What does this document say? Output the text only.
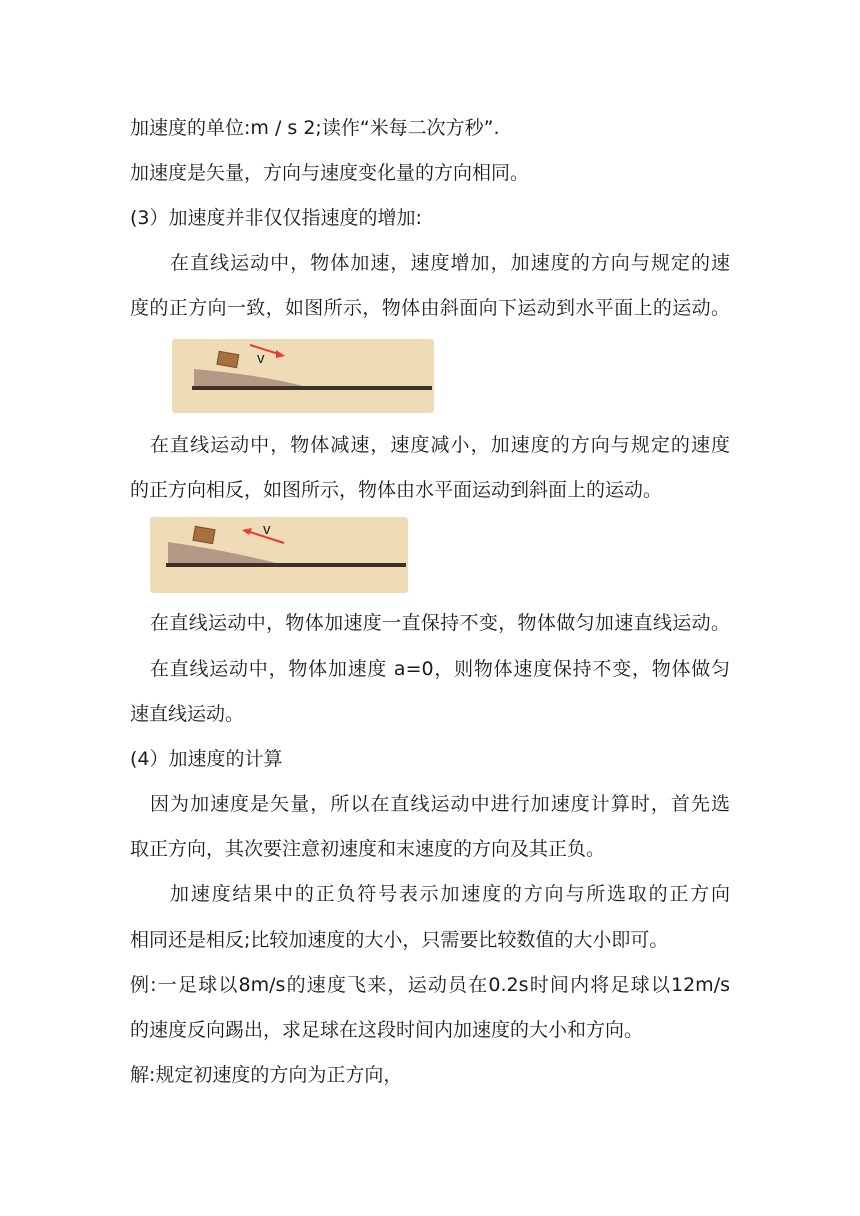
加速度的单位:m / s 2;读作“米每二次方秒”.
加速度是矢量，方向与速度变化量的方向相同。
(3）加速度并非仅仅指速度的增加:
在直线运动中，物体加速，速度增加，加速度的方向与规定的速
度的正方向一致，如图所示，物体由斜面向下运动到水平面上的运动。
v
在直线运动中，物体减速，速度减小，加速度的方向与规定的速度
的正方向相反，如图所示，物体由水平面运动到斜面上的运动。
v
在直线运动中，物体加速度一直保持不变，物体做匀加速直线运动。
在直线运动中，物体加速度 a=0，则物体速度保持不变，物体做匀
速直线运动。
(4）加速度的计算
因为加速度是矢量，所以在直线运动中进行加速度计算时，首先选
取正方向，其次要注意初速度和末速度的方向及其正负。
加速度结果中的正负符号表示加速度的方向与所选取的正方向
相同还是相反;比较加速度的大小，只需要比较数值的大小即可。
例:一足球以8m/s的速度飞来，运动员在0.2s时间内将足球以12m/s
的速度反向踢出，求足球在这段时间内加速度的大小和方向。
解:规定初速度的方向为正方向，
